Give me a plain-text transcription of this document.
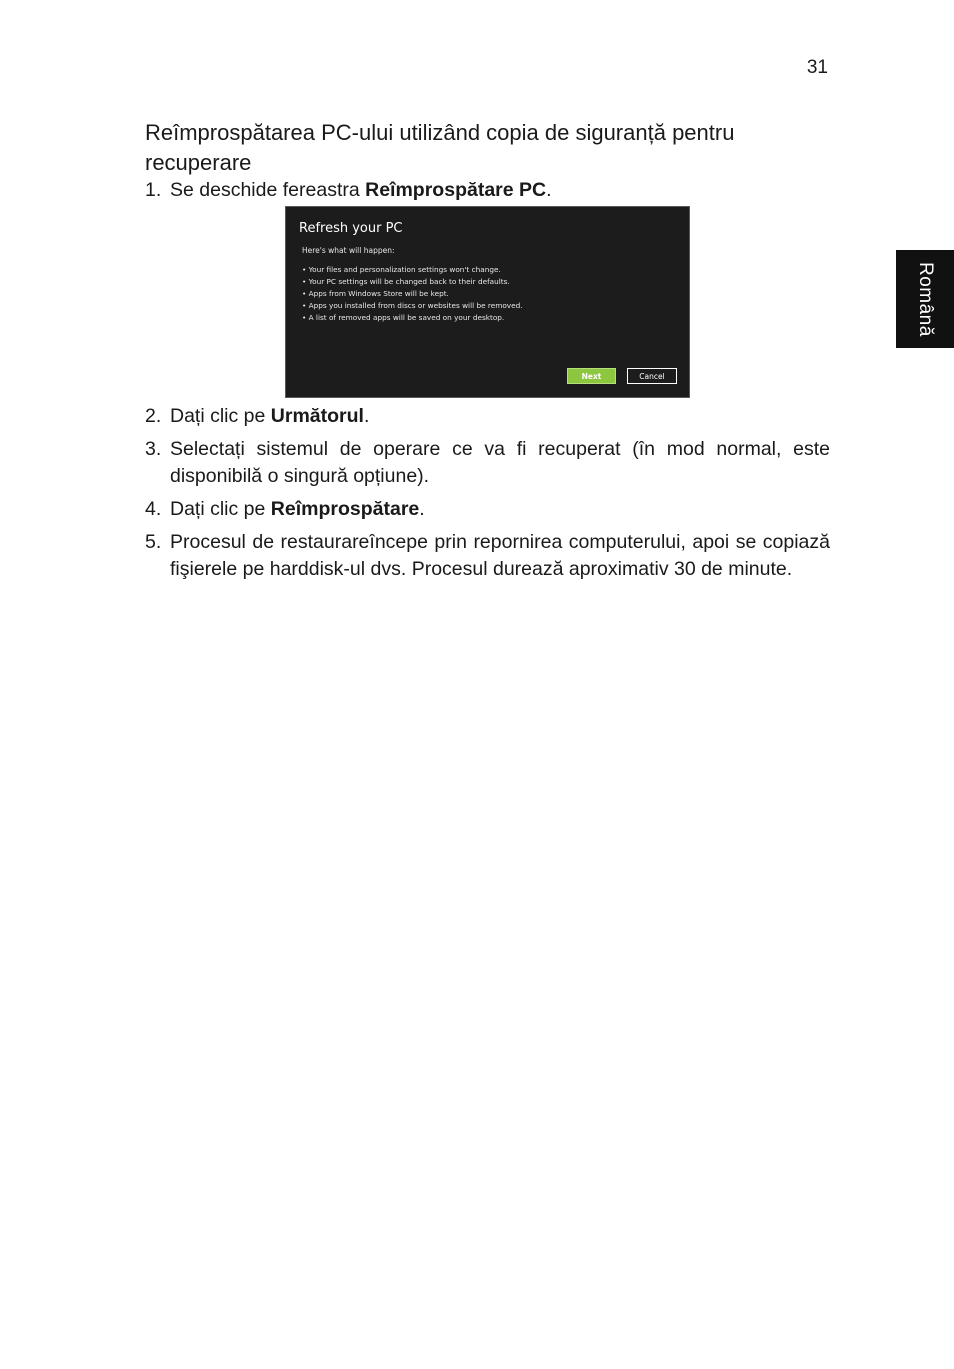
31
Română
Reîmprospătarea PC-ului utilizând copia de siguranță pentru recuperare
1. Se deschide fereastra Reîmprospătare PC.
Refresh your PC
Here's what will happen:
• Your files and personalization settings won't change.
• Your PC settings will be changed back to their defaults.
• Apps from Windows Store will be kept.
• Apps you installed from discs or websites will be removed.
• A list of removed apps will be saved on your desktop.
Next	Cancel
2. Dați clic pe Următorul.
3. Selectați sistemul de operare ce va fi recuperat (în mod normal, este disponibilă o singură opțiune).
4. Dați clic pe Reîmprospătare.
5. Procesul de restaurareîncepe prin repornirea computerului, apoi se copiază fişierele pe harddisk-ul dvs. Procesul durează aproximativ 30 de minute.
